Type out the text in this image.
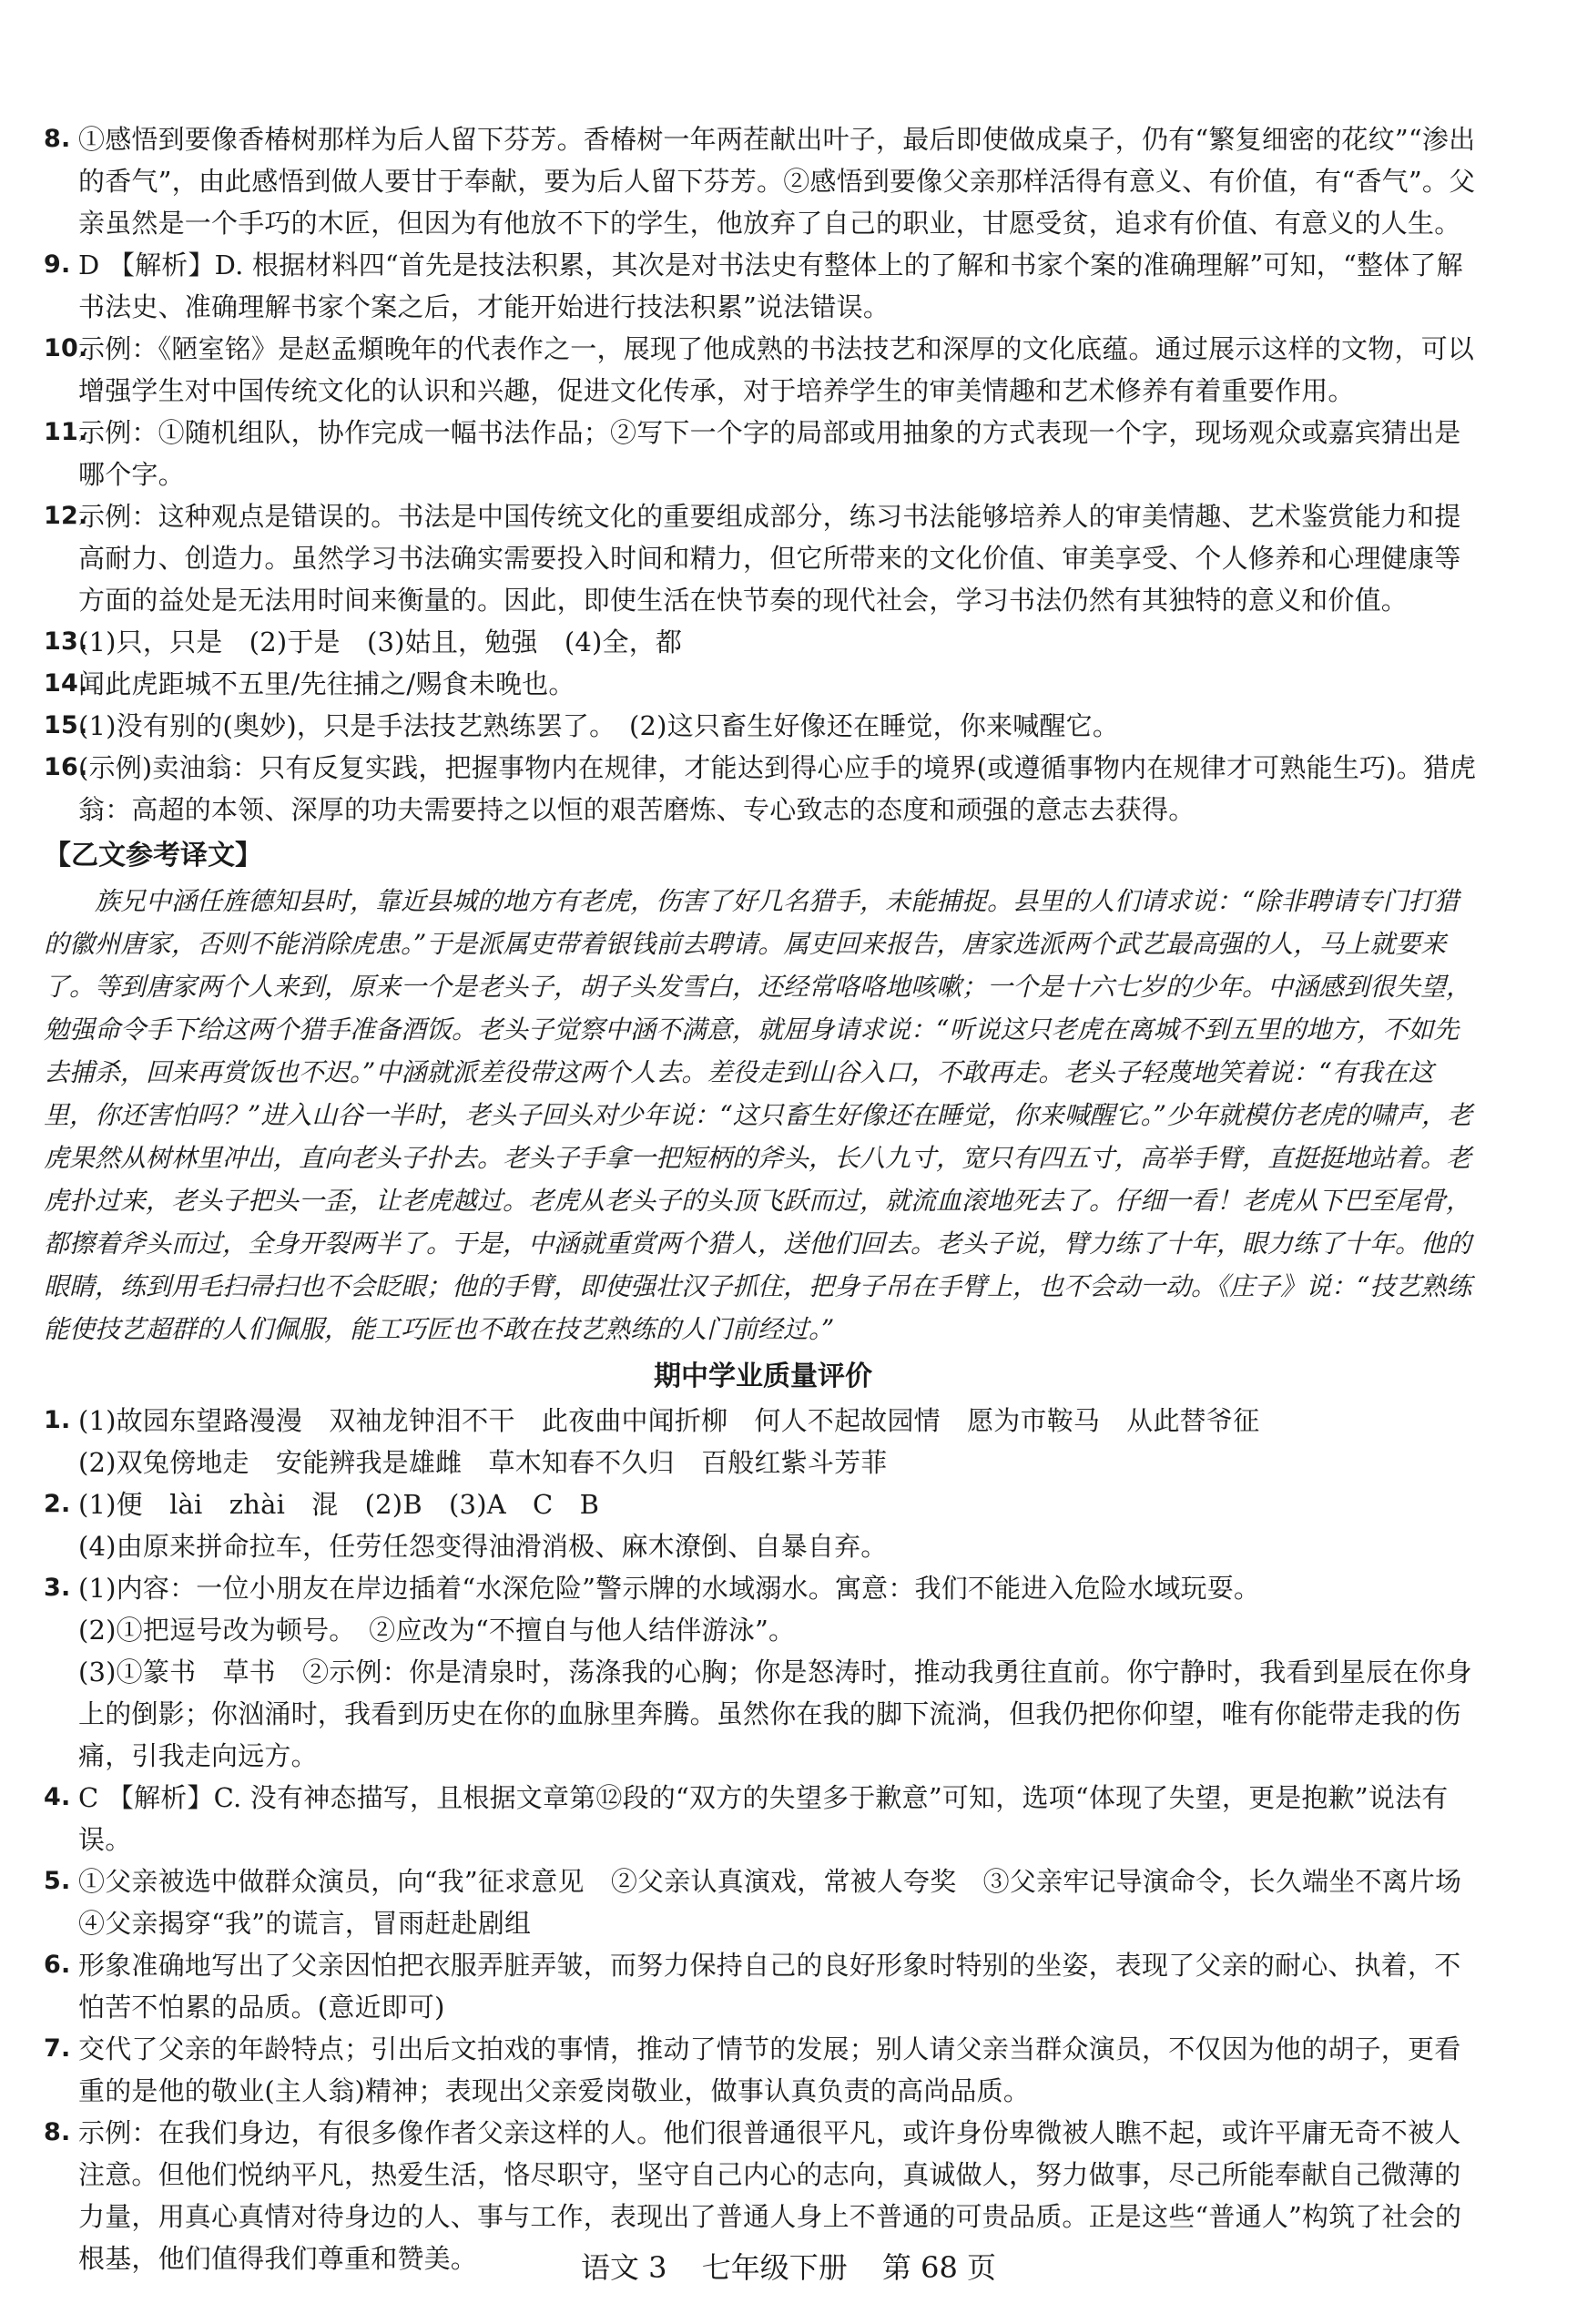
8. ①感悟到要像香椿树那样为后人留下芬芳。香椿树一年两茬献出叶子，最后即使做成桌子，仍有“繁复细密的花纹”“渗出的香气”，由此感悟到做人要甘于奉献，要为后人留下芬芳。②感悟到要像父亲那样活得有意义、有价值，有“香气”。父亲虽然是一个手巧的木匠，但因为有他放不下的学生，他放弃了自己的职业，甘愿受贫，追求有价值、有意义的人生。

9. D 【解析】D. 根据材料四“首先是技法积累，其次是对书法史有整体上的了解和书家个案的准确理解”可知，“整体了解书法史、准确理解书家个案之后，才能开始进行技法积累”说法错误。

10.
示例：《陋室铭》是赵孟頫晚年的代表作之一，展现了他成熟的书法技艺和深厚的文化底蕴。通过展示这样的文物，可以增强学生对中国传统文化的认识和兴趣，促进文化传承，对于培养学生的审美情趣和艺术修养有着重要作用。

11.
示例：①随机组队，协作完成一幅书法作品；②写下一个字的局部或用抽象的方式表现一个字，现场观众或嘉宾猜出是哪个字。

12.
示例：这种观点是错误的。书法是中国传统文化的重要组成部分，练习书法能够培养人的审美情趣、艺术鉴赏能力和提高耐力、创造力。虽然学习书法确实需要投入时间和精力，但它所带来的文化价值、审美享受、个人修养和心理健康等方面的益处是无法用时间来衡量的。因此，即使生活在快节奏的现代社会，学习书法仍然有其独特的意义和价值。

13.
(1)只，只是　(2)于是　(3)姑且，勉强　(4)全，都

14.
闻此虎距城不五里/先往捕之/赐食未晚也。

15.
(1)没有别的(奥妙)，只是手法技艺熟练罢了。　(2)这只畜生好像还在睡觉，你来喊醒它。

16.
(示例)卖油翁：只有反复实践，把握事物内在规律，才能达到得心应手的境界(或遵循事物内在规律才可熟能生巧)。猎虎翁：高超的本领、深厚的功夫需要持之以恒的艰苦磨炼、专心致志的态度和顽强的意志去获得。

【乙文参考译文】

族兄中涵任旌德知县时，靠近县城的地方有老虎，伤害了好几名猎手，未能捕捉。县里的人们请求说：“除非聘请专门打猎的徽州唐家，否则不能消除虎患。”于是派属吏带着银钱前去聘请。属吏回来报告，唐家选派两个武艺最高强的人，马上就要来了。等到唐家两个人来到，原来一个是老头子，胡子头发雪白，还经常咯咯地咳嗽；一个是十六七岁的少年。中涵感到很失望，勉强命令手下给这两个猎手准备酒饭。老头子觉察中涵不满意，就屈身请求说：“听说这只老虎在离城不到五里的地方，不如先去捕杀，回来再赏饭也不迟。”中涵就派差役带这两个人去。差役走到山谷入口，不敢再走。老头子轻蔑地笑着说：“有我在这里，你还害怕吗？”进入山谷一半时，老头子回头对少年说：“这只畜生好像还在睡觉，你来喊醒它。”少年就模仿老虎的啸声，老虎果然从树林里冲出，直向老头子扑去。老头子手拿一把短柄的斧头，长八九寸，宽只有四五寸，高举手臂，直挺挺地站着。老虎扑过来，老头子把头一歪，让老虎越过。老虎从老头子的头顶飞跃而过，就流血滚地死去了。仔细一看！老虎从下巴至尾骨，都擦着斧头而过，全身开裂两半了。于是，中涵就重赏两个猎人，送他们回去。老头子说，臂力练了十年，眼力练了十年。他的眼睛，练到用毛扫帚扫也不会眨眼；他的手臂，即使强壮汉子抓住，把身子吊在手臂上，也不会动一动。《庄子》说：“技艺熟练能使技艺超群的人们佩服，能工巧匠也不敢在技艺熟练的人门前经过。”

期中学业质量评价
1. (1)故园东望路漫漫　双袖龙钟泪不干　此夜曲中闻折柳　何人不起故园情　愿为市鞍马　从此替爷征
(2)双兔傍地走　安能辨我是雄雌　草木知春不久归　百般红紫斗芳菲
2. (1)便　lài　zhài　混　(2)B　(3)A　C　B
(4)由原来拼命拉车，任劳任怨变得油滑消极、麻木潦倒、自暴自弃。
3. (1)内容：一位小朋友在岸边插着“水深危险”警示牌的水域溺水。寓意：我们不能进入危险水域玩耍。
(2)①把逗号改为顿号。　②应改为“不擅自与他人结伴游泳”。
(3)①篆书　草书　②示例：你是清泉时，荡涤我的心胸；你是怒涛时，推动我勇往直前。你宁静时，我看到星辰在你身上的倒影；你汹涌时，我看到历史在你的血脉里奔腾。虽然你在我的脚下流淌，但我仍把你仰望，唯有你能带走我的伤痛，引我走向远方。
4. C 【解析】C. 没有神态描写，且根据文章第⑫段的“双方的失望多于歉意”可知，选项“体现了失望，更是抱歉”说法有误。
5. ①父亲被选中做群众演员，向“我”征求意见　②父亲认真演戏，常被人夸奖　③父亲牢记导演命令，长久端坐不离片场　④父亲揭穿“我”的谎言，冒雨赶赴剧组
6. 形象准确地写出了父亲因怕把衣服弄脏弄皱，而努力保持自己的良好形象时特别的坐姿，表现了父亲的耐心、执着，不怕苦不怕累的品质。(意近即可)
7. 交代了父亲的年龄特点；引出后文拍戏的事情，推动了情节的发展；别人请父亲当群众演员，不仅因为他的胡子，更看重的是他的敬业(主人翁)精神；表现出父亲爱岗敬业，做事认真负责的高尚品质。
8. 示例：在我们身边，有很多像作者父亲这样的人。他们很普通很平凡，或许身份卑微被人瞧不起，或许平庸无奇不被人注意。但他们悦纳平凡，热爱生活，恪尽职守，坚守自己内心的志向，真诚做人，努力做事，尽己所能奉献自己微薄的力量，用真心真情对待身边的人、事与工作，表现出了普通人身上不普通的可贵品质。正是这些“普通人”构筑了社会的根基，他们值得我们尊重和赞美。	语文 3 七年级下册 第 68 页
